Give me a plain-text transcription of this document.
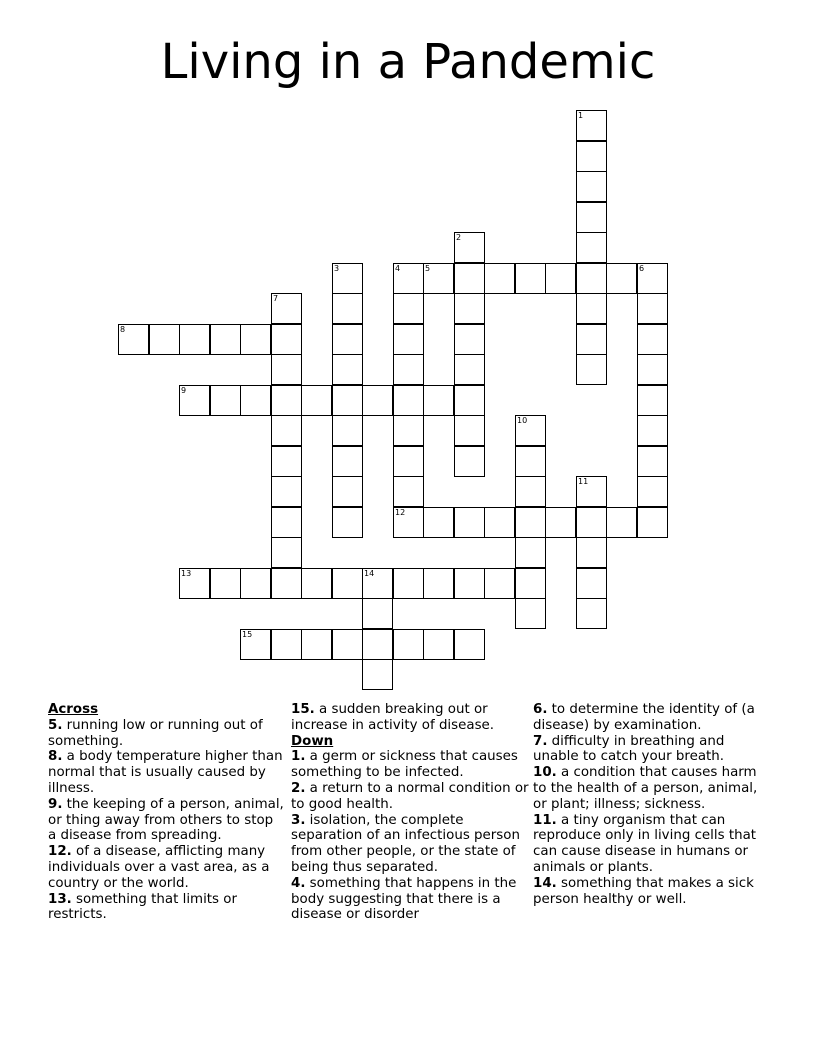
Living in a Pandemic
1
2
3	4
12
5	6
7
8
9
10
11
13	14
15
Across
5. running low or running out of something.
8. a body temperature higher than normal that is usually caused by illness.
9. the keeping of a person, animal, or thing away from others to stop a disease from spreading.
12. of a disease, afflicting many individuals over a vast area, as a country or the world.
13. something that limits or restricts.
15. a sudden breaking out or increase in activity of disease.
Down
1. a germ or sickness that causes something to be infected.
2. a return to a normal condition or to good health.
3. isolation, the complete separation of an infectious person from other people, or the state of being thus separated.
4. something that happens in the body suggesting that there is a disease or disorder
6. to determine the identity of (a disease) by examination.
7. difficulty in breathing and unable to catch your breath.
10. a condition that causes harm to the health of a person, animal, or plant; illness; sickness.
11. a tiny organism that can reproduce only in living cells that can cause disease in humans or animals or plants.
14. something that makes a sick person healthy or well.
